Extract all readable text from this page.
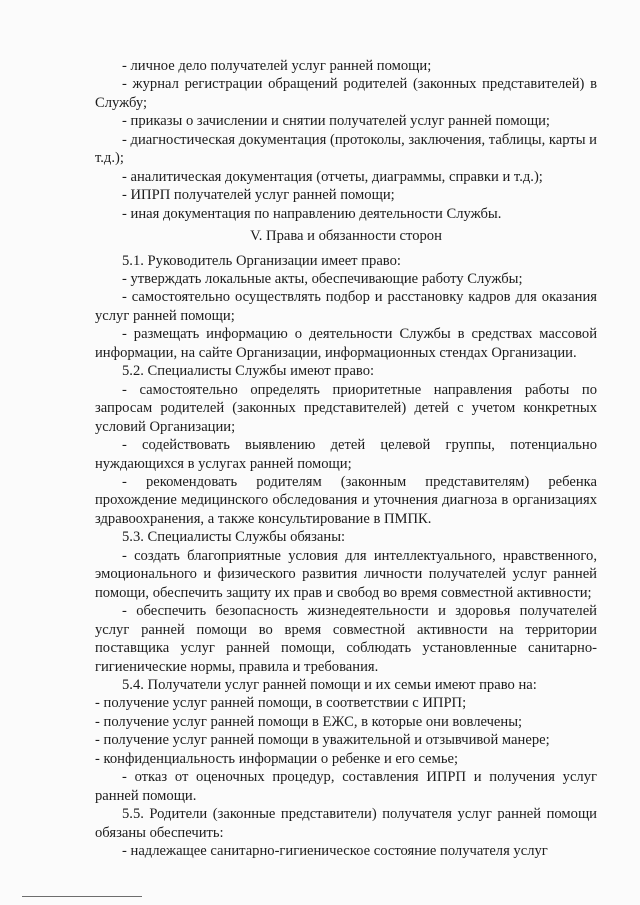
- личное дело получателей услуг ранней помощи;

- журнал регистрации обращений родителей (законных представителей) в Службу;

- приказы о зачислении и снятии получателей услуг ранней помощи;

- диагностическая документация (протоколы, заключения, таблицы, карты и т.д.);

- аналитическая документация (отчеты, диаграммы, справки и т.д.);

- ИПРП получателей услуг ранней помощи;

- иная документация по направлению деятельности Службы.

V. Права и обязанности сторон

5.1. Руководитель Организации имеет право:

- утверждать локальные акты, обеспечивающие работу Службы;

- самостоятельно осуществлять подбор и расстановку кадров для оказания услуг ранней помощи;

- размещать информацию о деятельности Службы в средствах массовой информации, на сайте Организации, информационных стендах Организации.

5.2. Специалисты Службы имеют право:

- самостоятельно определять приоритетные направления работы по запросам родителей (законных представителей) детей с учетом конкретных условий Организации;

- содействовать выявлению детей целевой группы, потенциально нуждающихся в услугах ранней помощи;

- рекомендовать родителям (законным представителям) ребенка прохождение медицинского обследования и уточнения диагноза в организациях здравоохранения, а также консультирование в ПМПК.

5.3. Специалисты Службы обязаны:

- создать благоприятные условия для интеллектуального, нравственного, эмоционального и физического развития личности получателей услуг ранней помощи, обеспечить защиту их прав и свобод во время совместной активности;

- обеспечить безопасность жизнедеятельности и здоровья получателей услуг ранней помощи во время совместной активности на территории поставщика услуг ранней помощи, соблюдать установленные санитарно-гигиенические нормы, правила и требования.

5.4. Получатели услуг ранней помощи и их семьи имеют право на:

- получение услуг ранней помощи, в соответствии с ИПРП;

- получение услуг ранней помощи в ЕЖС, в которые они вовлечены;

- получение услуг ранней помощи в уважительной и отзывчивой манере;

- конфиденциальность информации о ребенке и его семье;

- отказ от оценочных процедур, составления ИПРП и получения услуг ранней помощи.

5.5. Родители (законные представители) получателя услуг ранней помощи обязаны обеспечить:

- надлежащее санитарно-гигиеническое состояние получателя услуг
